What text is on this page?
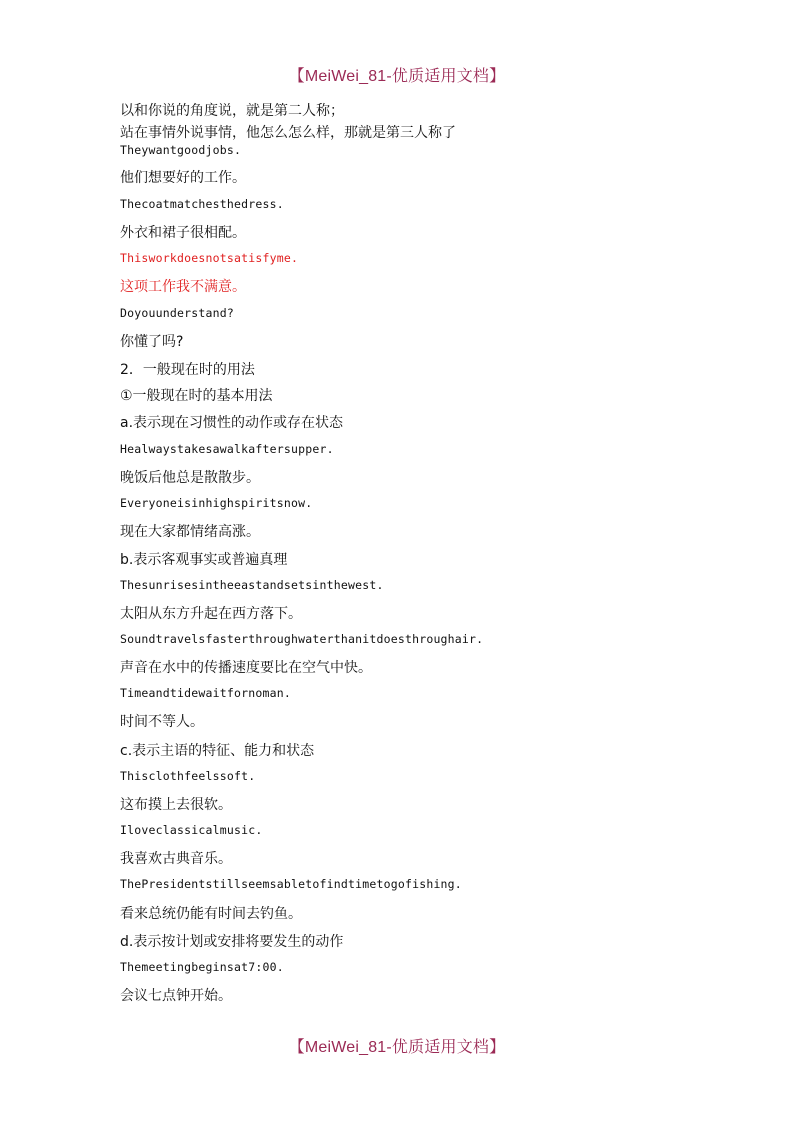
【MeiWei_81-优质适用文档】
以和你说的角度说，就是第二人称；
站在事情外说事情，他怎么怎么样，那就是第三人称了
Theywantgoodjobs.
他们想要好的工作。
Thecoatmatchesthedress.
外衣和裙子很相配。
Thisworkdoesnotsatisfyme.
这项工作我不满意。
Doyouunderstand?
你懂了吗?
2．一般现在时的用法
①一般现在时的基本用法
a.表示现在习惯性的动作或存在状态
Healwaystakesawalkaftersupper.
晚饭后他总是散散步。
Everyoneisinhighspiritsnow.
现在大家都情绪高涨。
b.表示客观事实或普遍真理
Thesunrisesintheeastandsetsinthewest.
太阳从东方升起在西方落下。
Soundtravelsfasterthroughwaterthanitdoesthroughair.
声音在水中的传播速度要比在空气中快。
Timeandtidewaitfornoman.
时间不等人。
c.表示主语的特征、能力和状态
Thisclothfeelssoft.
这布摸上去很软。
Iloveclassicalmusic.
我喜欢古典音乐。
ThePresidentstillseemsabletofindtimetogofishing.
看来总统仍能有时间去钓鱼。
d.表示按计划或安排将要发生的动作
Themeetingbeginsat7:00.
会议七点钟开始。
【MeiWei_81-优质适用文档】
